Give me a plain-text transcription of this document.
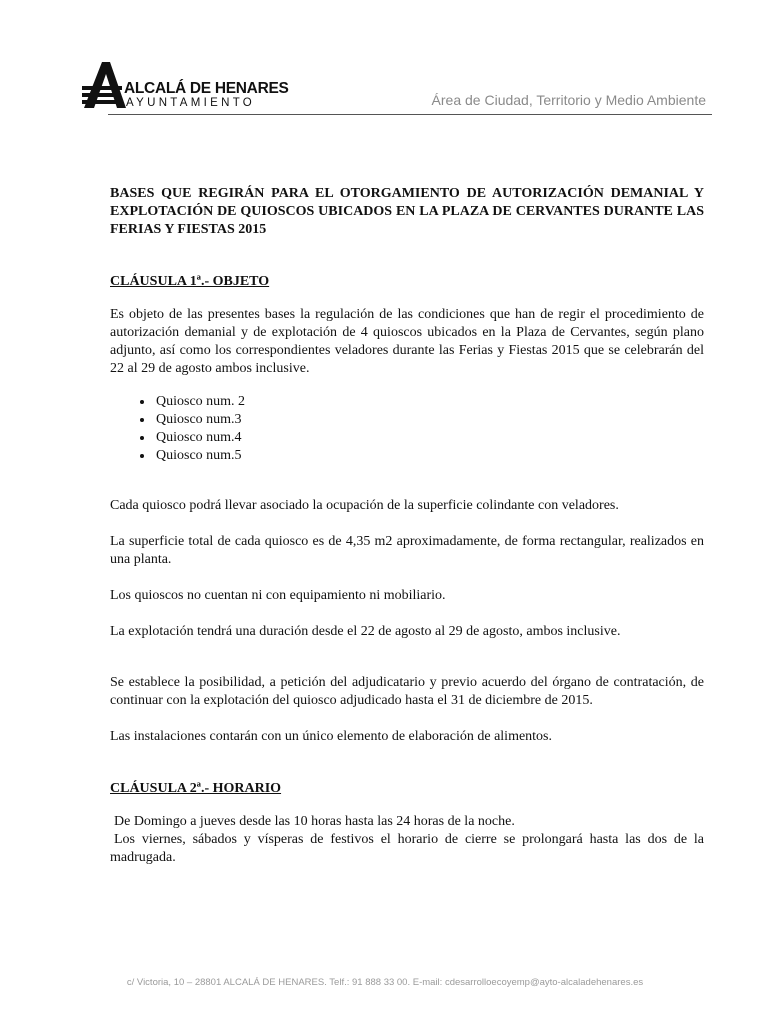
ALCALÁ DE HENARES
AYUNTAMIENTO	Área de Ciudad, Territorio y Medio Ambiente

BASES QUE REGIRÁN PARA EL OTORGAMIENTO DE AUTORIZACIÓN DEMANIAL Y EXPLOTACIÓN DE QUIOSCOS UBICADOS EN LA PLAZA DE CERVANTES DURANTE LAS FERIAS Y FIESTAS 2015

CLÁUSULA 1ª.- OBJETO

Es objeto de las presentes bases la regulación de las condiciones que han de regir el procedimiento de autorización demanial y de explotación de 4 quioscos ubicados en la Plaza de Cervantes, según plano adjunto, así como los correspondientes veladores durante las Ferias y Fiestas 2015 que se celebrarán del 22 al 29 de agosto ambos inclusive.

• Quiosco num. 2
• Quiosco num.3
• Quiosco num.4
• Quiosco num.5

Cada quiosco podrá llevar asociado la ocupación de la superficie colindante con veladores.

La superficie total de cada quiosco es de 4,35 m2 aproximadamente, de forma rectangular, realizados en una planta.

Los quioscos no cuentan ni con equipamiento ni mobiliario.

La explotación tendrá una duración desde el 22 de agosto al 29 de agosto, ambos inclusive.

Se establece la posibilidad, a petición del adjudicatario y previo acuerdo del órgano de contratación, de continuar con la explotación del quiosco adjudicado hasta el 31 de diciembre de 2015.

Las instalaciones contarán con un único elemento de elaboración de alimentos.

CLÁUSULA 2ª.- HORARIO

De Domingo a jueves desde las 10 horas hasta las 24 horas de la noche.

Los viernes, sábados y vísperas de festivos el horario de cierre se prolongará hasta las dos de la madrugada.

c/ Victoria, 10 – 28801 ALCALÁ DE HENARES. Telf.: 91 888 33 00. E-mail: cdesarrolloecoyemp@ayto-alcaladehenares.es
